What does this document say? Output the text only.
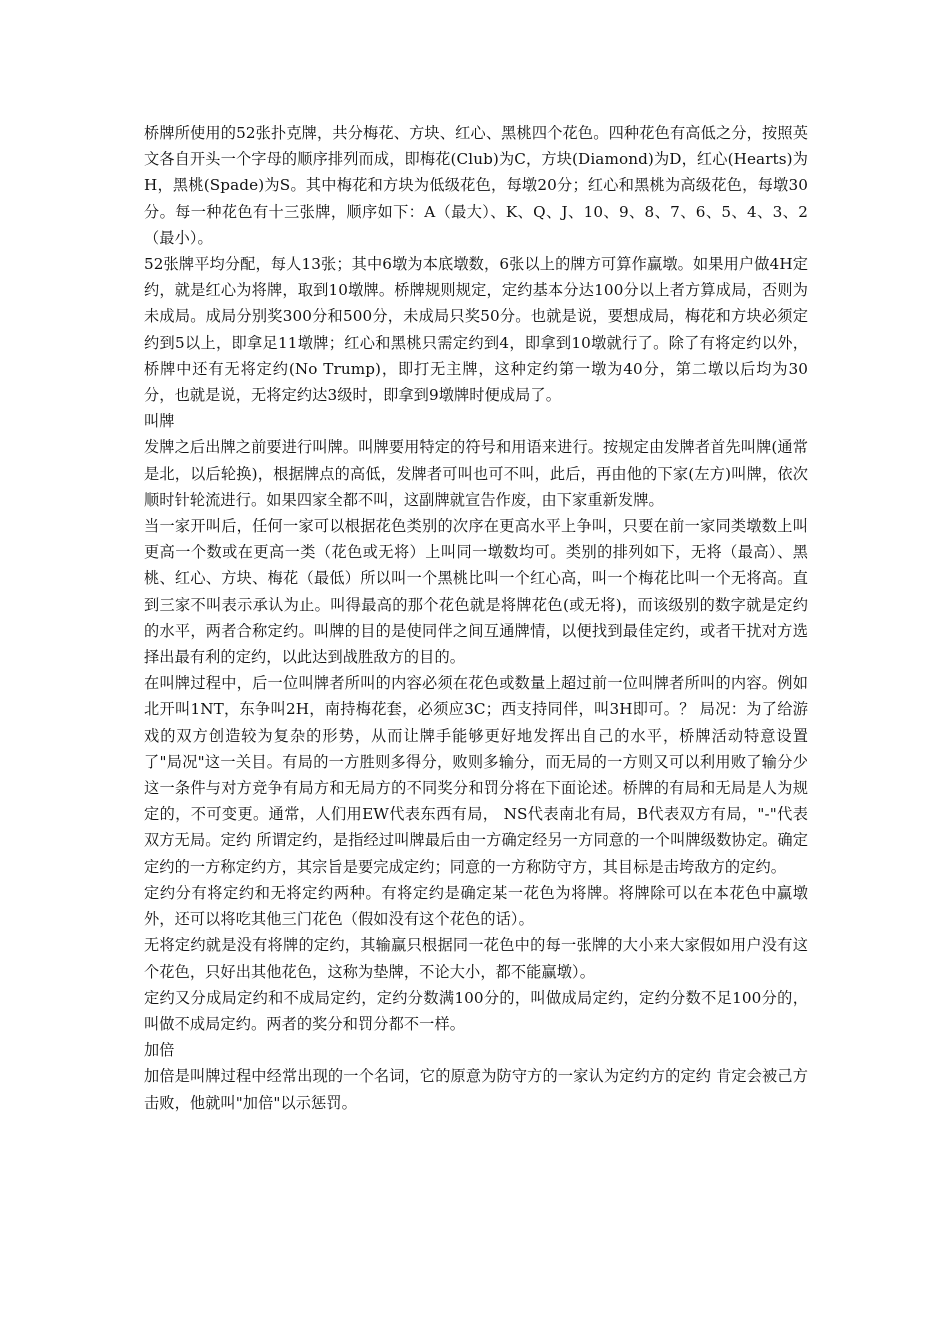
桥牌所使用的52张扑克牌，共分梅花、方块、红心、黑桃四个花色。四种花色有高低之分，按照英文各自开头一个字母的顺序排列而成，即梅花(Club)为C，方块(Diamond)为D，红心(Hearts)为H，黑桃(Spade)为S。其中梅花和方块为低级花色，每墩20分；红心和黑桃为高级花色，每墩30分。每一种花色有十三张牌，顺序如下：A（最大）、K、Q、J、10、9、8、7、6、5、4、3、2（最小）。

52张牌平均分配，每人13张；其中6墩为本底墩数，6张以上的牌方可算作赢墩。如果用户做4H定约，就是红心为将牌，取到10墩牌。桥牌规则规定，定约基本分达100分以上者方算成局，否则为未成局。成局分别奖300分和500分，未成局只奖50分。也就是说，要想成局，梅花和方块必须定约到5以上，即拿足11墩牌；红心和黑桃只需定约到4，即拿到10墩就行了。除了有将定约以外，桥牌中还有无将定约(No Trump)，即打无主牌，这种定约第一墩为40分，第二墩以后均为30分，也就是说，无将定约达3级时，即拿到9墩牌时便成局了。

叫牌

发牌之后出牌之前要进行叫牌。叫牌要用特定的符号和用语来进行。按规定由发牌者首先叫牌(通常是北，以后轮换)，根据牌点的高低，发牌者可叫也可不叫，此后，再由他的下家(左方)叫牌，依次顺时针轮流进行。如果四家全都不叫，这副牌就宣告作废，由下家重新发牌。

当一家开叫后，任何一家可以根据花色类别的次序在更高水平上争叫，只要在前一家同类墩数上叫更高一个数或在更高一类（花色或无将）上叫同一墩数均可。类别的排列如下，无将（最高）、黑桃、红心、方块、梅花（最低）所以叫一个黑桃比叫一个红心高，叫一个梅花比叫一个无将高。直到三家不叫表示承认为止。叫得最高的那个花色就是将牌花色(或无将)，而该级别的数字就是定约的水平，两者合称定约。叫牌的目的是使同伴之间互通牌情，以便找到最佳定约，或者干扰对方选择出最有利的定约，以此达到战胜敌方的目的。

在叫牌过程中，后一位叫牌者所叫的内容必须在花色或数量上超过前一位叫牌者所叫的内容。例如北开叫1NT，东争叫2H，南持梅花套，必须应3C；西支持同伴，叫3H即可。？ 局况：为了给游戏的双方创造较为复杂的形势，从而让牌手能够更好地发挥出自己的水平，桥牌活动特意设置了"局况"这一关目。有局的一方胜则多得分，败则多输分，而无局的一方则又可以利用败了输分少这一条件与对方竞争有局方和无局方的不同奖分和罚分将在下面论述。桥牌的有局和无局是人为规定的，不可变更。通常，人们用EW代表东西有局， NS代表南北有局，B代表双方有局，"-"代表双方无局。定约 所谓定约，是指经过叫牌最后由一方确定经另一方同意的一个叫牌级数协定。确定定约的一方称定约方，其宗旨是要完成定约；同意的一方称防守方，其目标是击垮敌方的定约。

定约分有将定约和无将定约两种。有将定约是确定某一花色为将牌。将牌除可以在本花色中赢墩外，还可以将吃其他三门花色（假如没有这个花色的话）。

无将定约就是没有将牌的定约，其输赢只根据同一花色中的每一张牌的大小来大家假如用户没有这个花色，只好出其他花色，这称为垫牌，不论大小，都不能赢墩）。

定约又分成局定约和不成局定约，定约分数满100分的，叫做成局定约，定约分数不足100分的，叫做不成局定约。两者的奖分和罚分都不一样。

加倍

加倍是叫牌过程中经常出现的一个名词，它的原意为防守方的一家认为定约方的定约 肯定会被己方击败，他就叫"加倍"以示惩罚。
